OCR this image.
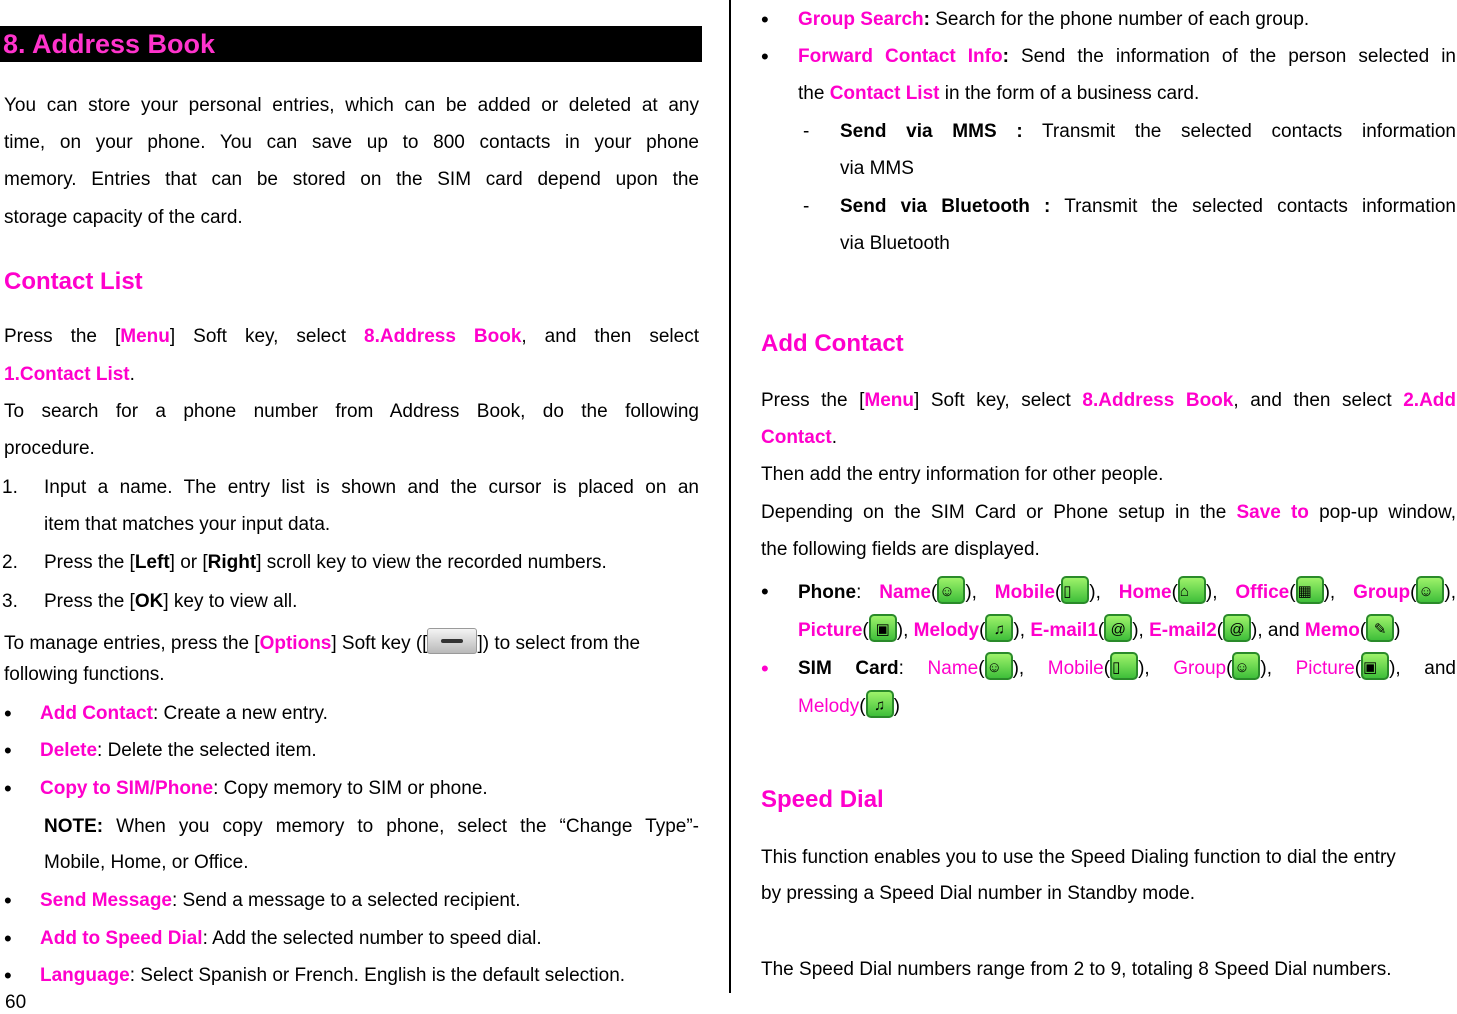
8. Address Book
You can store your personal entries, which can be added or deleted at any
time, on your phone. You can save up to 800 contacts in your phone
memory. Entries that can be stored on the SIM card depend upon the
storage capacity of the card.
Contact List
Press the [Menu] Soft key, select 8.Address Book, and then select
1.Contact List.
To search for a phone number from Address Book, do the following
procedure.
1. Input a name. The entry list is shown and the cursor is placed on an
item that matches your input data.
2. Press the [Left] or [Right] scroll key to view the recorded numbers.
3. Press the [OK] key to view all.
To manage entries, press the [Options] Soft key ([	]) to select from the
following functions.
• Add Contact: Create a new entry.
• Delete: Delete the selected item.
• Copy to SIM/Phone: Copy memory to SIM or phone.
NOTE: When you copy memory to phone, select the “Change Type”-
Mobile, Home, or Office.
• Send Message: Send a message to a selected recipient.
• Add to Speed Dial: Add the selected number to speed dial.
• Language: Select Spanish or French. English is the default selection.
60
• Group Search: Search for the phone number of each group.
• Forward Contact Info: Send the information of the person selected in
the Contact List in the form of a business card.
- Send via MMS : Transmit the selected contacts information
via MMS
- Send via Bluetooth : Transmit the selected contacts information
via Bluetooth
Add Contact
Press the [Menu] Soft key, select 8.Address Book, and then select 2.Add
Contact.
Then add the entry information for other people.
Depending on the SIM Card or Phone setup in the Save to pop-up window,
the following fields are displayed.
• Phone: Name( ☺ ), Mobile( ▯ ), Home( ⌂ ), Office( ▦ ), Group( ☺ ),
Picture( ▣ ), Melody( ♫ ), E-mail1( @ ), E-mail2( @ ), and Memo( ✎ )
• SIM Card: Name( ☺ ), Mobile( ▯ ), Group( ☺ ), Picture( ▣ ), and
Melody( ♫ )
Speed Dial
This function enables you to use the Speed Dialing function to dial the entry
by pressing a Speed Dial number in Standby mode.
The Speed Dial numbers range from 2 to 9, totaling 8 Speed Dial numbers.
